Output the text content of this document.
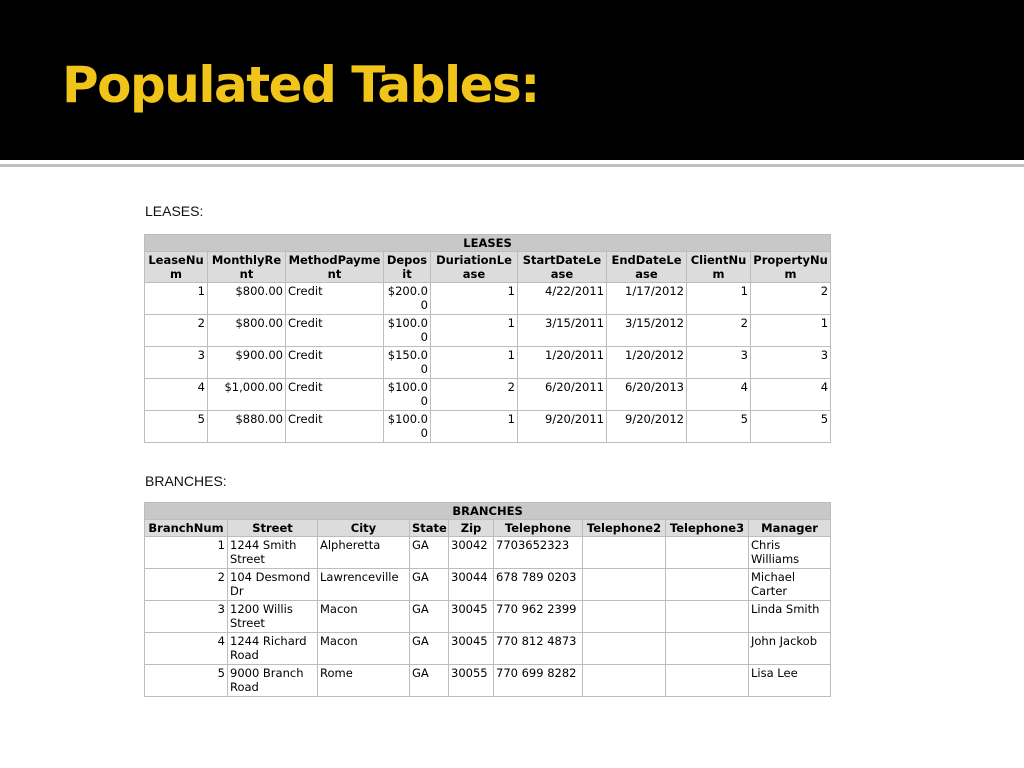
Populated Tables:
LEASES:
LEASES								
LeaseNum	MonthlyRent	MethodPayment	Deposit	DuriationLease	StartDateLease	EndDateLease	ClientNum	PropertyNum
1	$800.00	Credit	$200.00	1	4/22/2011	1/17/2012	1	2
2	$800.00	Credit	$100.00	1	3/15/2011	3/15/2012	2	1
3	$900.00	Credit	$150.00	1	1/20/2011	1/20/2012	3	3
4	$1,000.00	Credit	$100.00	2	6/20/2011	6/20/2013	4	4
5	$880.00	Credit	$100.00	1	9/20/2011	9/20/2012	5	5
BRANCHES:
BRANCHES								
BranchNum	Street	City	State	Zip	Telephone	Telephone2	Telephone3	Manager
1	1244 Smith Street	Alpheretta	GA	30042	7703652323			Chris Williams
2	104 Desmond Dr	Lawrenceville	GA	30044	678 789 0203			Michael Carter
3	1200 Willis Street	Macon	GA	30045	770 962 2399			Linda Smith
4	1244 Richard Road	Macon	GA	30045	770 812 4873			John Jackob
5	9000 Branch Road	Rome	GA	30055	770 699 8282			Lisa Lee
